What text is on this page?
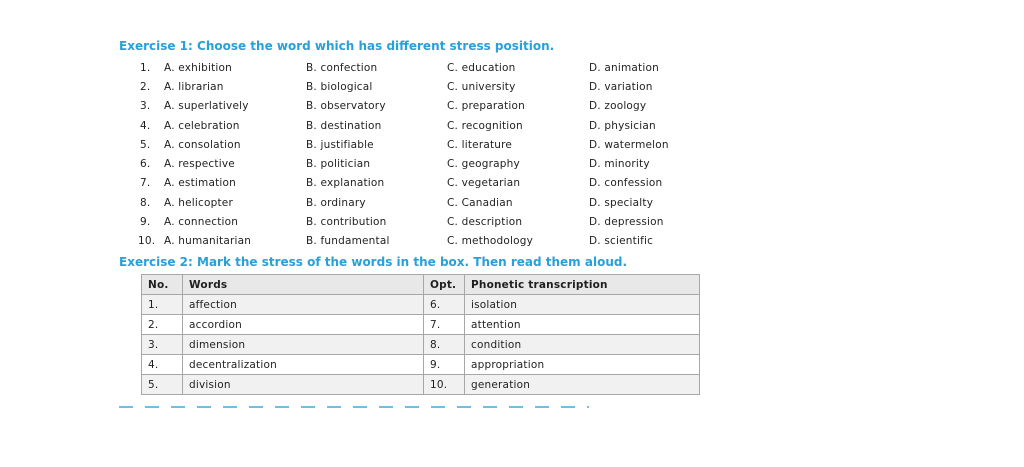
Exercise 1: Choose the word which has different stress position.
1. A. exhibition	B. confection	C. education	D. animation
2. A. librarian	B. biological	C. university	D. variation
3. A. superlatively	B. observatory	C. preparation	D. zoology
4. A. celebration	B. destination	C. recognition	D. physician
5. A. consolation	B. justifiable	C. literature	D. watermelon
6. A. respective	B. politician	C. geography	D. minority
7. A. estimation	B. explanation	C. vegetarian	D. confession
8. A. helicopter	B. ordinary	C. Canadian	D. specialty
9. A. connection	B. contribution	C. description	D. depression
10. A. humanitarian	B. fundamental	C. methodology	D. scientific
Exercise 2: Mark the stress of the words in the box. Then read them aloud.
No.	Words	Opt.	Phonetic transcription
1.	affection	6.	isolation
2.	accordion	7.	attention
3.	dimension	8.	condition
4.	decentralization	9.	appropriation
5.	division	10.	generation
